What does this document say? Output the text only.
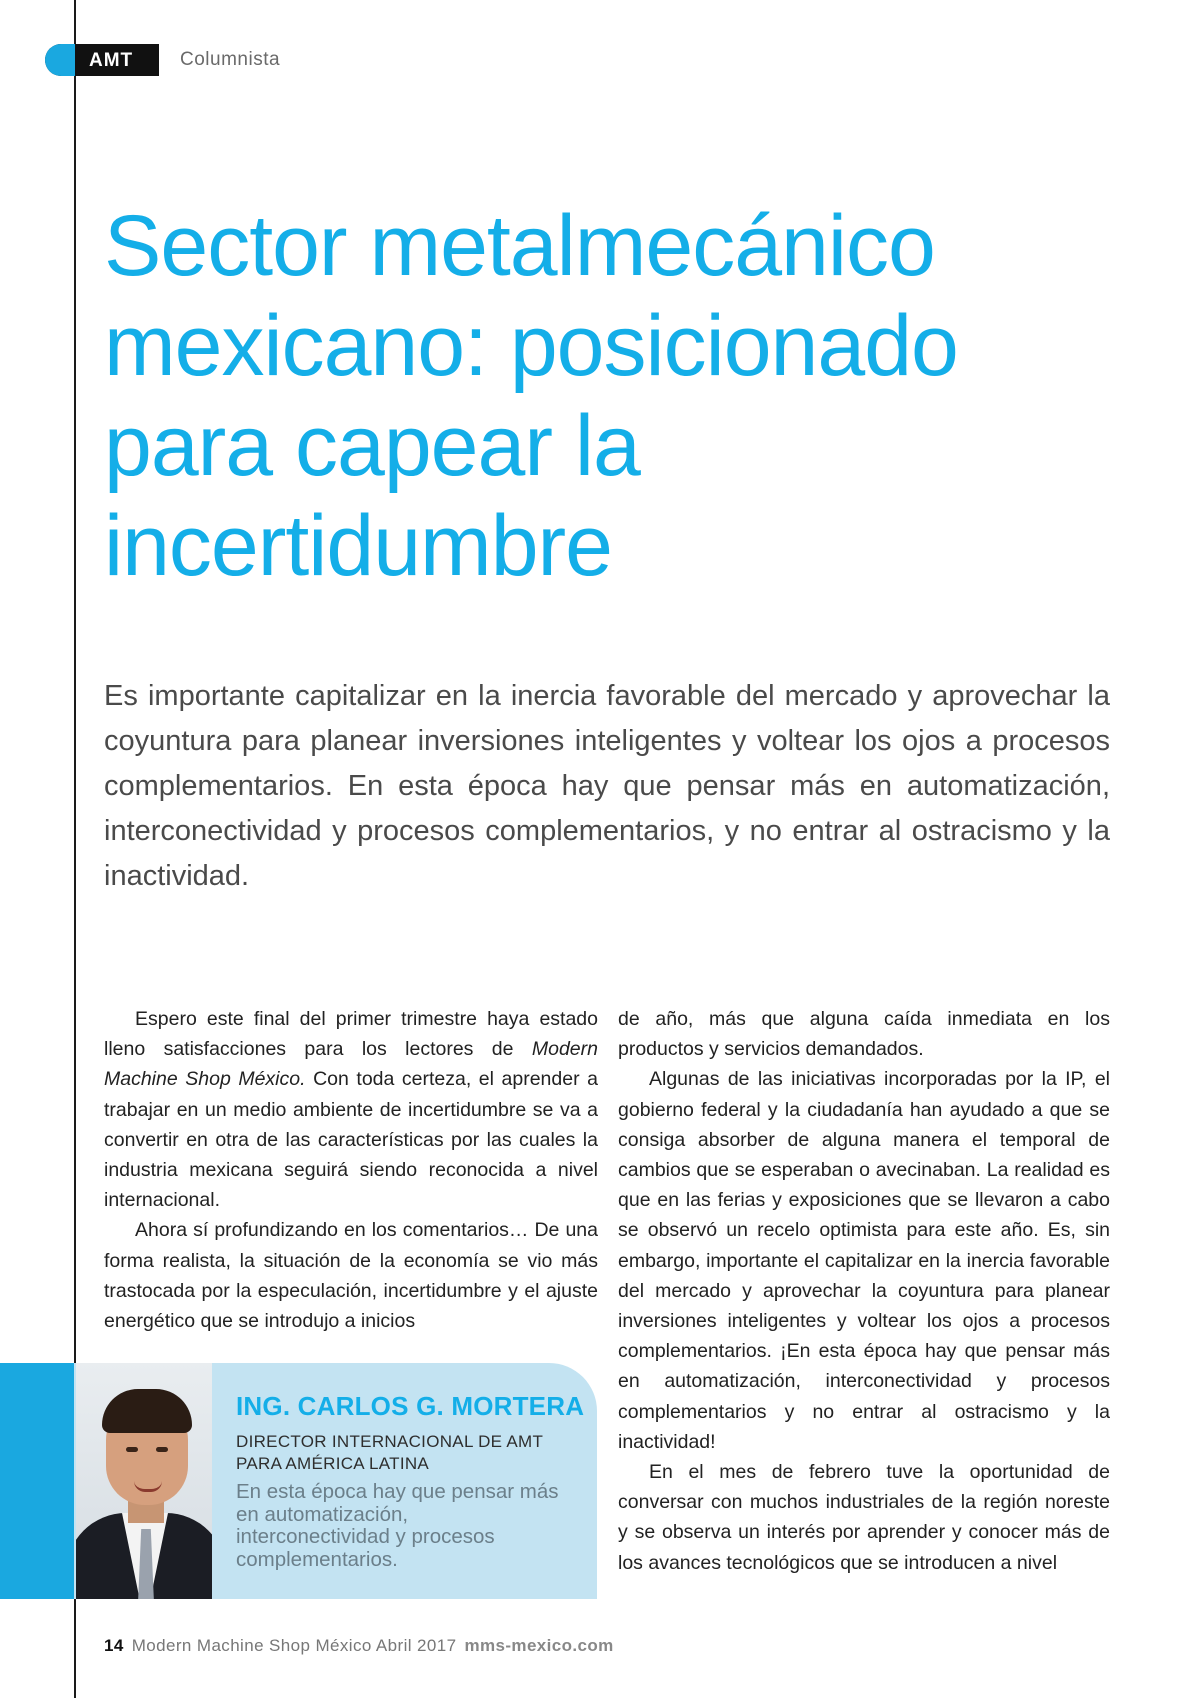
AMT Columnista
Sector metalmecánico mexicano: posicionado para capear la incertidumbre

Es importante capitalizar en la inercia favorable del mercado y aprovechar la coyuntura para planear inversiones inteligentes y voltear los ojos a procesos complementarios. En esta época hay que pensar más en automatización, interconectividad y procesos complementarios, y no entrar al ostracismo y la inactividad.

Espero este final del primer trimestre haya estado lleno satisfacciones para los lectores de Modern Machine Shop México. Con toda certeza, el aprender a trabajar en un medio ambiente de incertidumbre se va a convertir en otra de las características por las cuales la industria mexicana seguirá siendo reconocida a nivel internacional.

Ahora sí profundizando en los comentarios… De una forma realista, la situación de la economía se vio más trastocada por la especulación, incertidumbre y el ajuste energético que se introdujo a inicios

de año, más que alguna caída inmediata en los productos y servicios demandados.

Algunas de las iniciativas incorporadas por la IP, el gobierno federal y la ciudadanía han ayudado a que se consiga absorber de alguna manera el temporal de cambios que se esperaban o avecinaban. La realidad es que en las ferias y exposiciones que se llevaron a cabo se observó un recelo optimista para este año. Es, sin embargo, importante el capitalizar en la inercia favorable del mercado y aprovechar la coyuntura para planear inversiones inteligentes y voltear los ojos a procesos complementarios. ¡En esta época hay que pensar más en automatización, interconectividad y procesos complementarios y no entrar al ostracismo y la inactividad!

En el mes de febrero tuve la oportunidad de conversar con muchos industriales de la región noreste y se observa un interés por aprender y conocer más de los avances tecnológicos que se introducen a nivel

ING. CARLOS G. MORTERA
DIRECTOR INTERNACIONAL DE AMT PARA AMÉRICA LATINA
En esta época hay que pensar más en automatización, interconectividad y procesos complementarios.
14 Modern Machine Shop México Abril 2017 mms-mexico.com
